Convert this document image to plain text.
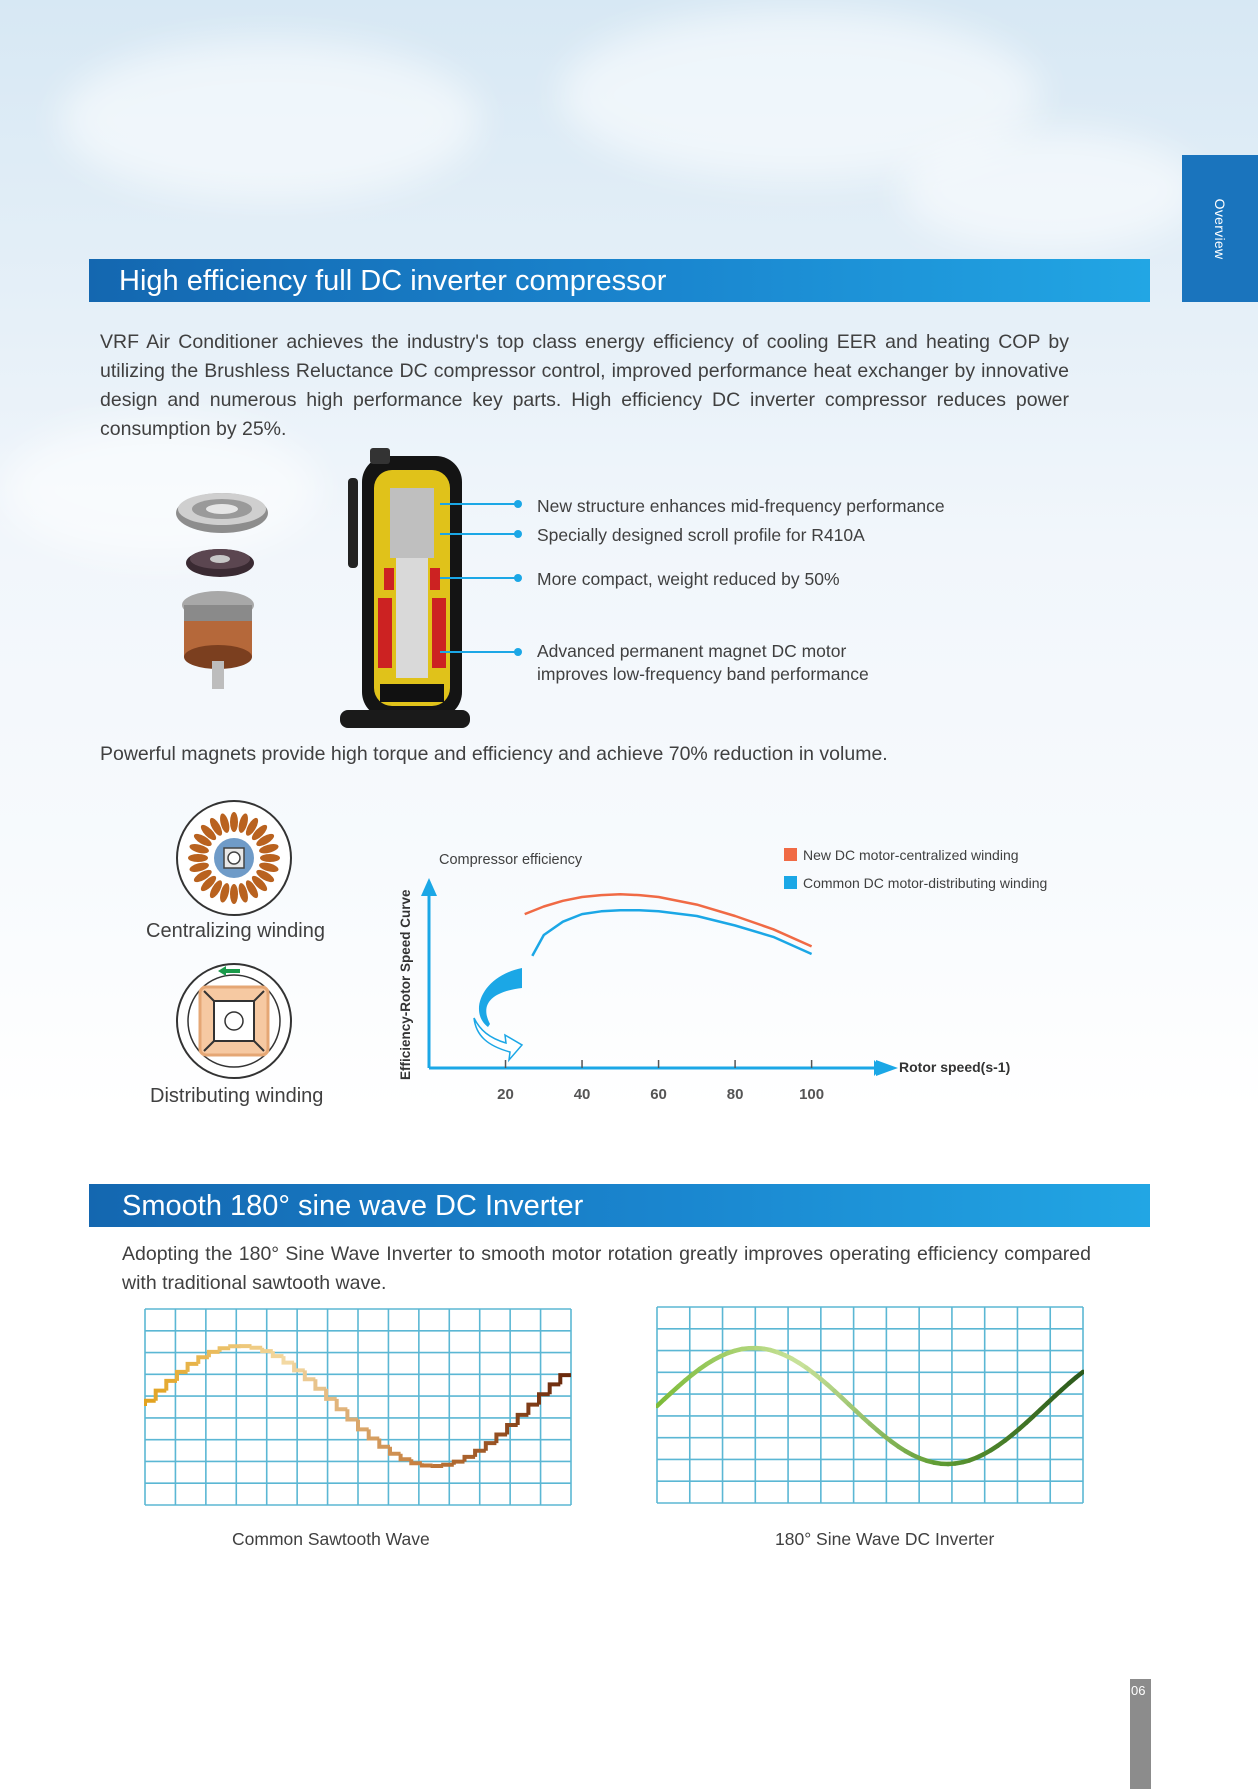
Overview
High efficiency full DC inverter compressor

VRF Air Conditioner achieves the industry's top class energy efficiency of cooling EER and heating COP by utilizing the Brushless Reluctance DC compressor control, improved performance heat exchanger by innovative design and numerous high performance key parts. High efficiency DC inverter compressor reduces power consumption by 25%.

New structure enhances mid-frequency performance
Specially designed scroll profile for R410A
More compact, weight reduced by 50%
Advanced permanent magnet DC motor
improves low-frequency band performance
Powerful magnets provide high torque and efficiency and achieve 70% reduction in volume.
Centralizing winding
Distributing winding
Compressor efficiency
Efficiency-Rotor Speed Curve	Rotor speed(s-1)
20	40	60	80	100
New DC motor-centralized winding
Common DC motor-distributing winding
Smooth 180° sine wave DC Inverter

Adopting the 180° Sine Wave Inverter to smooth motor rotation greatly improves operating efficiency compared with traditional sawtooth wave.

Common Sawtooth Wave	180° Sine Wave DC Inverter
06
